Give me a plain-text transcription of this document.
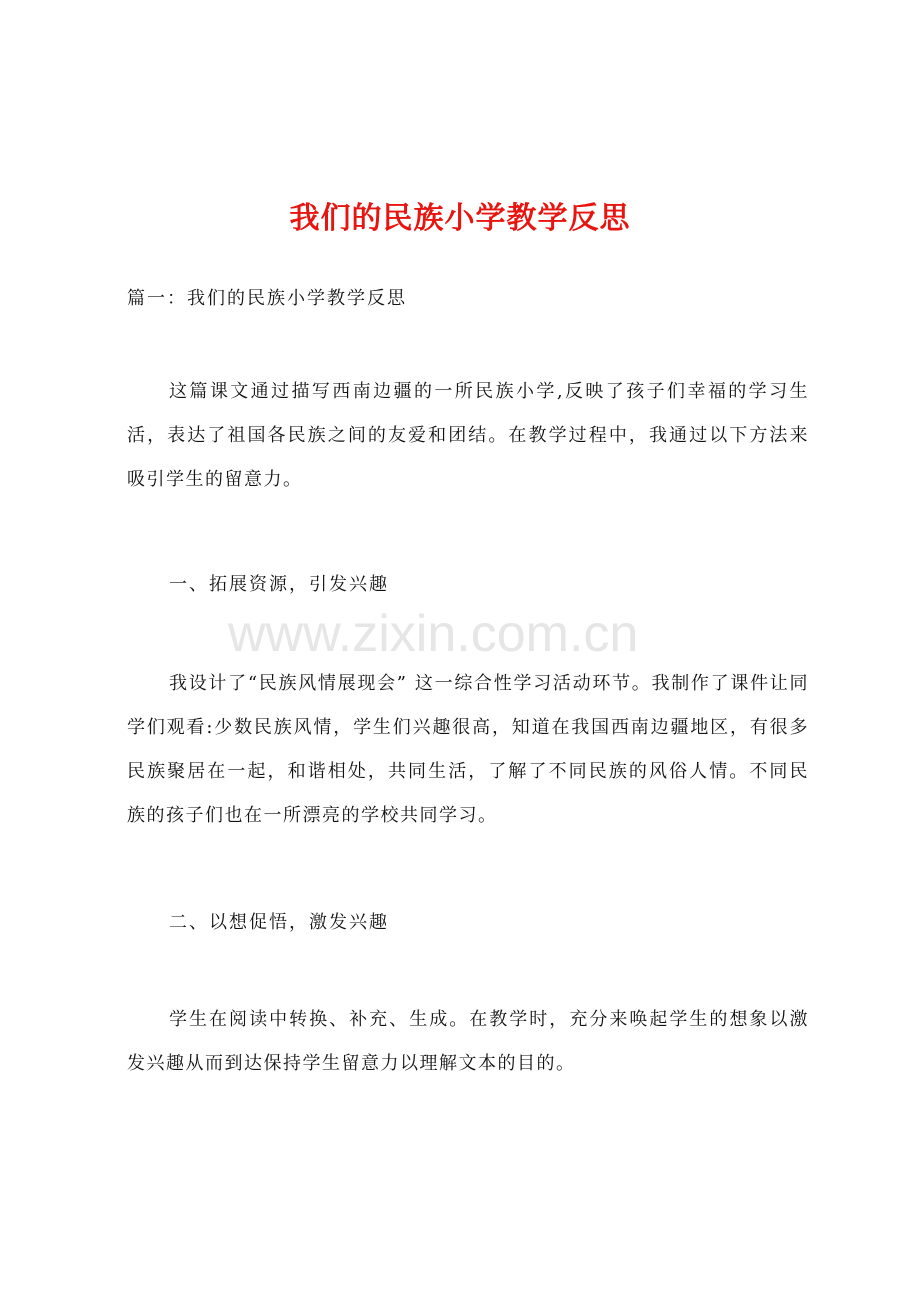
我们的民族小学教学反思

篇一：我们的民族小学教学反思

这篇课文通过描写西南边疆的一所民族小学,反映了孩子们幸福的学习生活，表达了祖国各民族之间的友爱和团结。在教学过程中，我通过以下方法来吸引学生的留意力。

一、拓展资源，引发兴趣

www.zixin.com.cn

我设计了“民族风情展现会” 这一综合性学习活动环节。我制作了课件让同学们观看:少数民族风情，学生们兴趣很高，知道在我国西南边疆地区，有很多民族聚居在一起，和谐相处，共同生活，了解了不同民族的风俗人情。不同民族的孩子们也在一所漂亮的学校共同学习。

二、以想促悟，激发兴趣

学生在阅读中转换、补充、生成。在教学时，充分来唤起学生的想象以激发兴趣从而到达保持学生留意力以理解文本的目的。
